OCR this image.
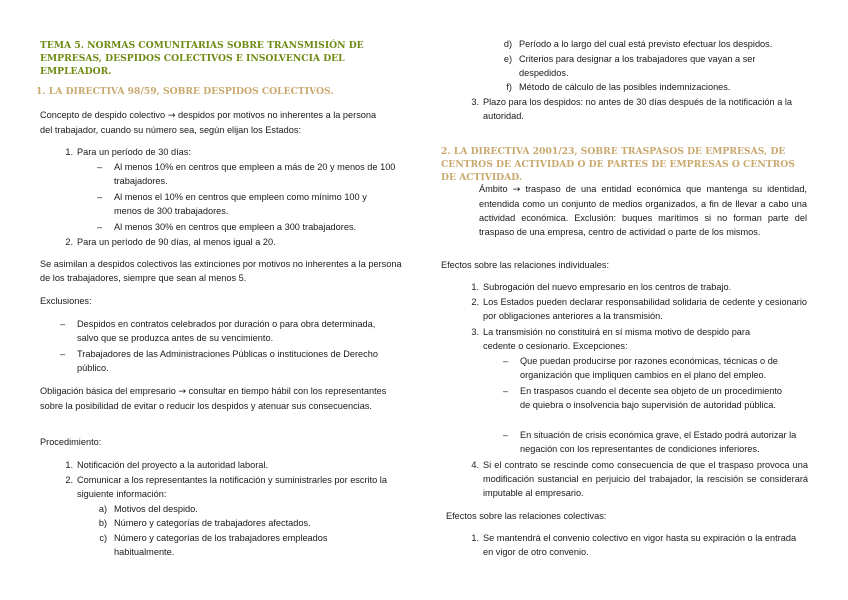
TEMA 5. NORMAS COMUNITARIAS SOBRE TRANSMISIÓN DE EMPRESAS, DESPIDOS COLECTIVOS E INSOLVENCIA DEL EMPLEADOR.

1. LA DIRECTIVA 98/59, SOBRE DESPIDOS COLECTIVOS.

Concepto de despido colectivo → despidos por motivos no inherentes a la persona del trabajador, cuando su número sea, según elijan los Estados:

1. Para un período de 30 días:
– Al menos 10% en centros que empleen a más de 20 y menos de 100 trabajadores.
– Al menos el 10% en centros que empleen como mínimo 100 y menos de 300 trabajadores.
– Al menos 30% en centros que empleen a 300 trabajadores.
2. Para un período de 90 días, al menos igual a 20.

Se asimilan a despidos colectivos las extinciones por motivos no inherentes a la persona de los trabajadores, siempre que sean al menos 5.

Exclusiones:

– Despidos en contratos celebrados por duración o para obra determinada, salvo que se produzca antes de su vencimiento.
– Trabajadores de las Administraciones Públicas o instituciones de Derecho público.

Obligación básica del empresario → consultar en tiempo hábil con los representantes sobre la posibilidad de evitar o reducir los despidos y atenuar sus consecuencias.

Procedimiento:

1. Notificación del proyecto a la autoridad laboral.
2. Comunicar a los representantes la notificación y suministrarles por escrito la siguiente información:
a) Motivos del despido.
b) Número y categorías de trabajadores afectados.
c) Número y categorías de los trabajadores empleados habitualmente.
d) Período a lo largo del cual está previsto efectuar los despidos.
e) Criterios para designar a los trabajadores que vayan a ser despedidos.
f) Método de cálculo de las posibles indemnizaciones.
3. Plazo para los despidos: no antes de 30 días después de la notificación a la autoridad.

2. LA DIRECTIVA 2001/23, SOBRE TRASPASOS DE EMPRESAS, DE CENTROS DE ACTIVIDAD O DE PARTES DE EMPRESAS O CENTROS DE ACTIVIDAD.

Ámbito → traspaso de una entidad económica que mantenga su identidad, entendida como un conjunto de medios organizados, a fin de llevar a cabo una actividad económica. Exclusión: buques marítimos si no forman parte del traspaso de una empresa, centro de actividad o parte de los mismos.

Efectos sobre las relaciones individuales:

1. Subrogación del nuevo empresario en los centros de trabajo.
2. Los Estados pueden declarar responsabilidad solidaria de cedente y cesionario por obligaciones anteriores a la transmisión.
3. La transmisión no constituirá en sí misma motivo de despido para cedente o cesionario. Excepciones:
– Que puedan producirse por razones económicas, técnicas o de organización que impliquen cambios en el plano del empleo.
– En traspasos cuando el decente sea objeto de un procedimiento de quiebra o insolvencia bajo supervisión de autoridad pública.
– En situación de crisis económica grave, el Estado podrá autorizar la negación con los representantes de condiciones inferiores.
4. Si el contrato se rescinde como consecuencia de que el traspaso provoca una modificación sustancial en perjuicio del trabajador, la rescisión se considerará imputable al empresario.

Efectos sobre las relaciones colectivas:

1. Se mantendrá el convenio colectivo en vigor hasta su expiración o la entrada en vigor de otro convenio.
